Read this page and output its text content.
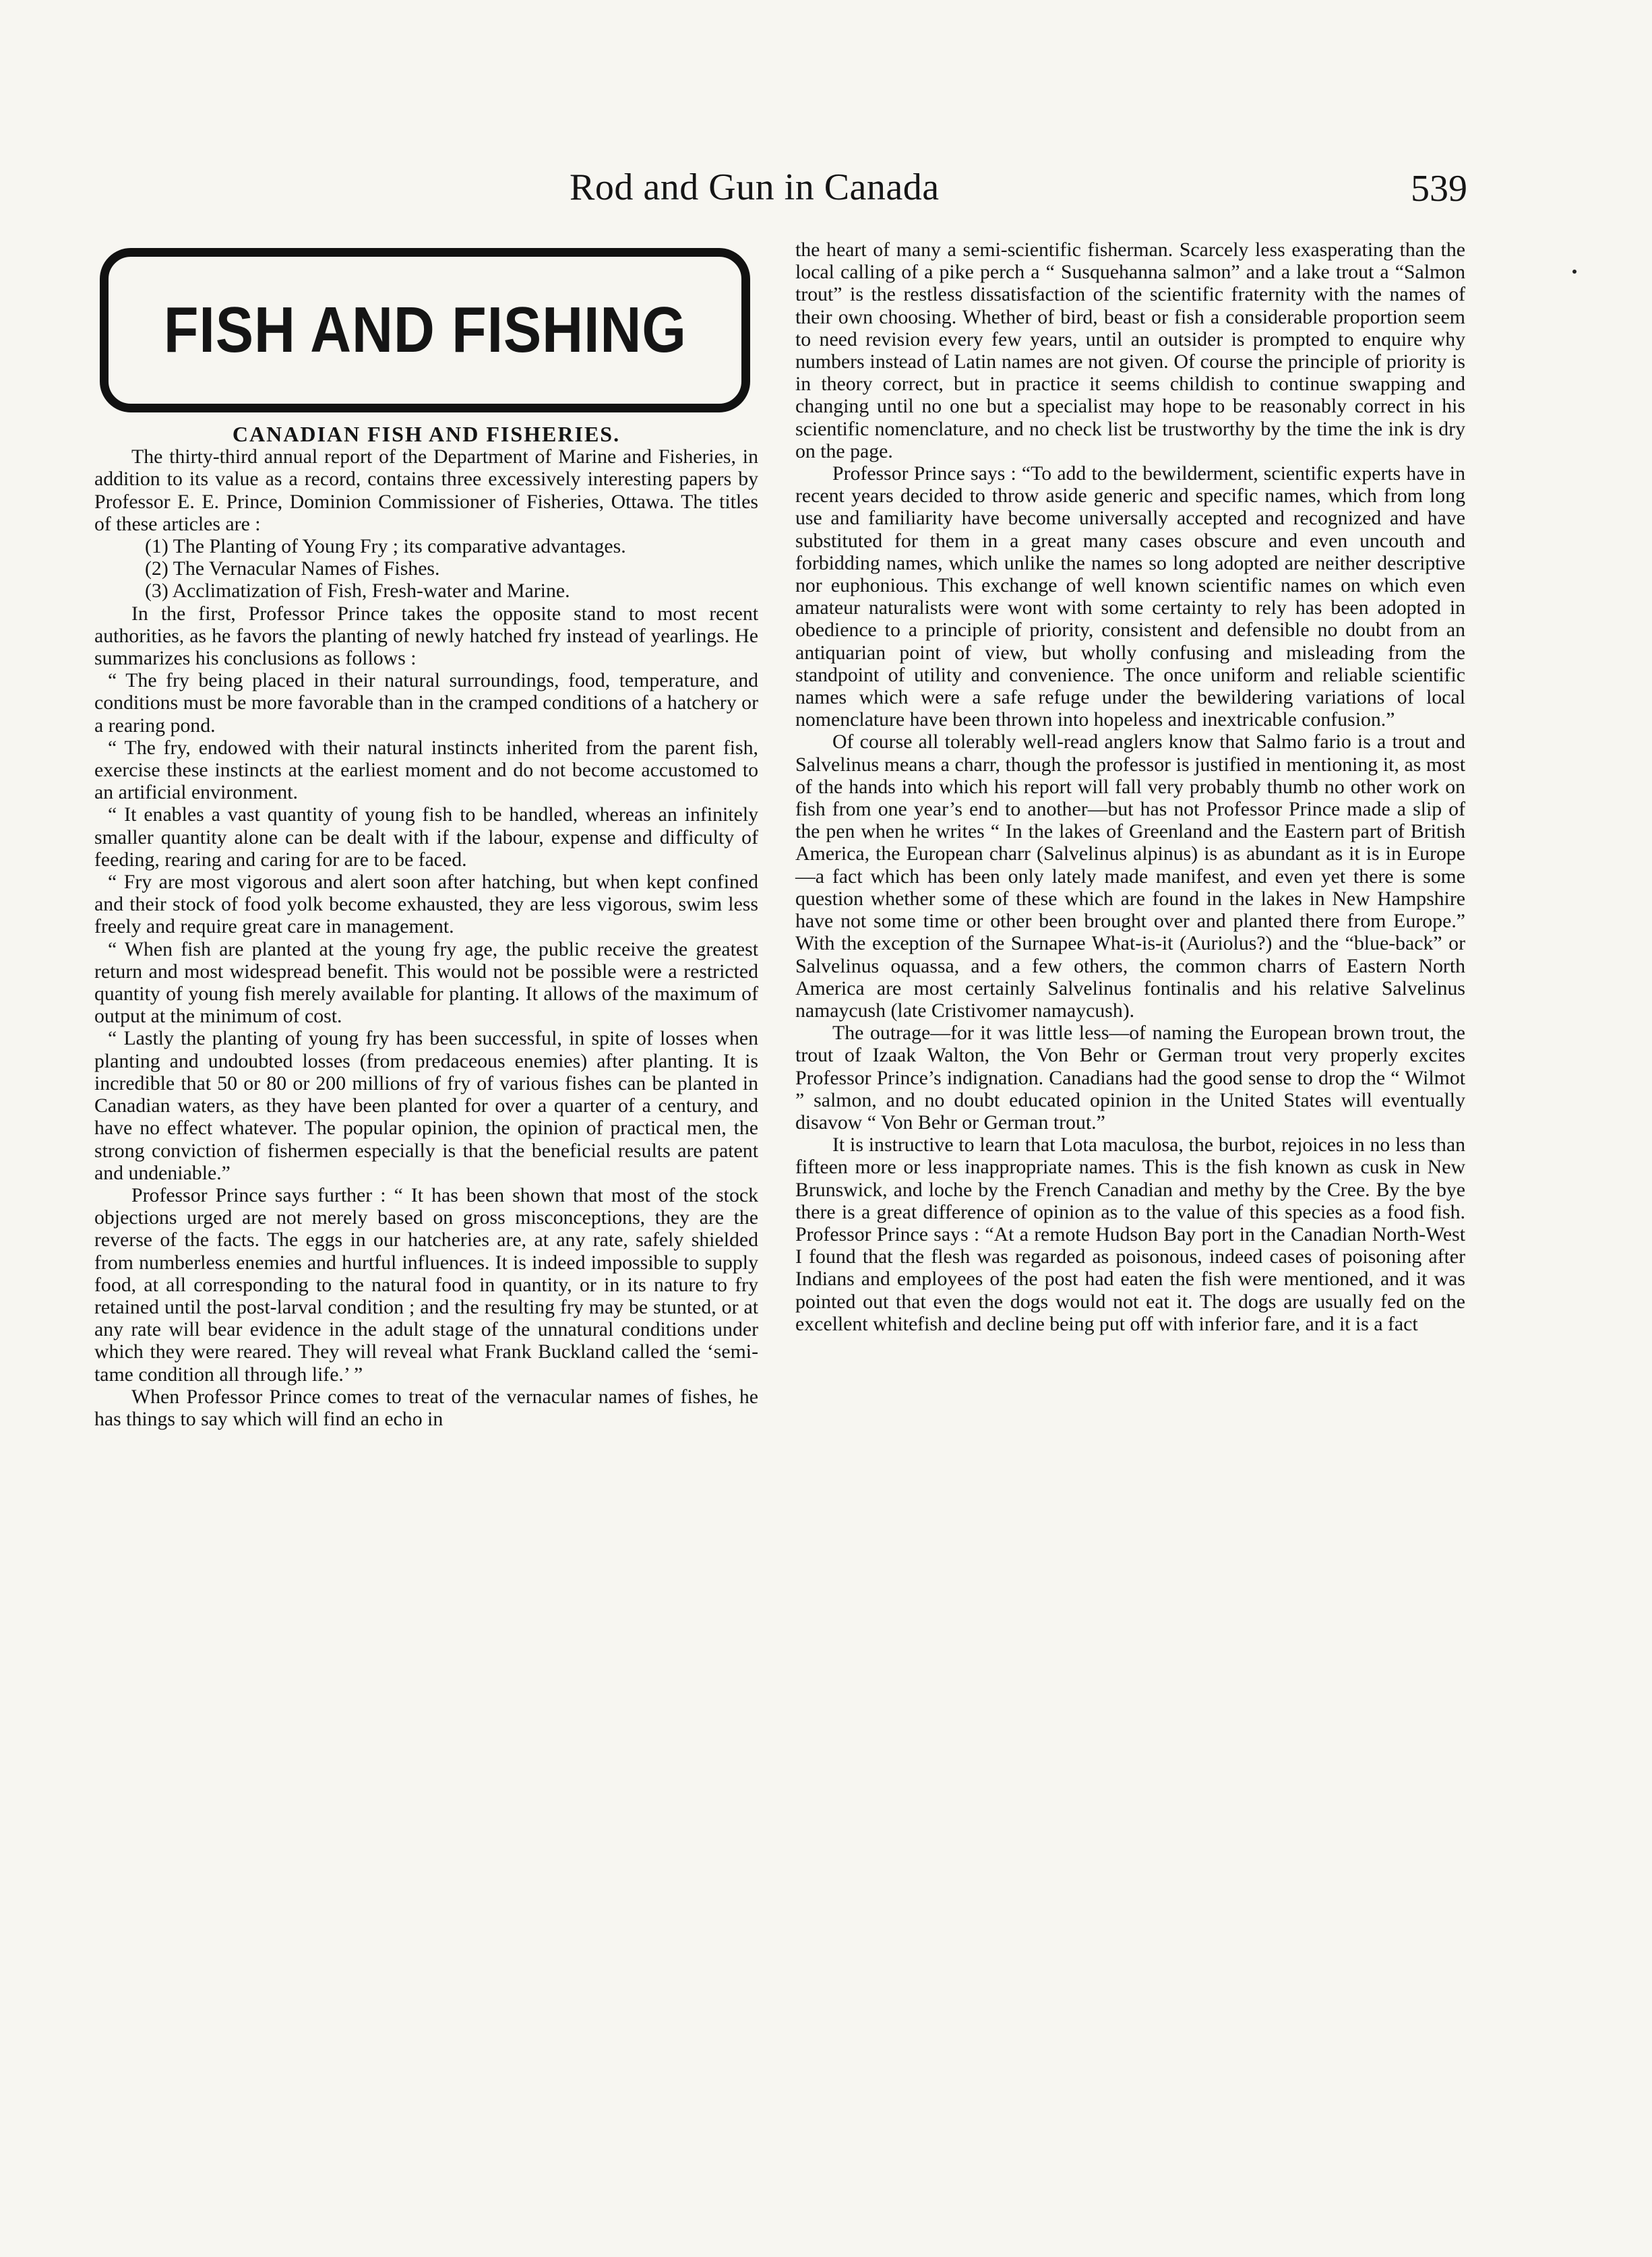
Rod and Gun in Canada	539
FISH AND FISHING

CANADIAN FISH AND FISHERIES.

The thirty-third annual report of the Department of Marine and Fisheries, in addition to its value as a record, contains three excessively interesting papers by Professor E. E. Prince, Dominion Commissioner of Fisheries, Ottawa. The titles of these articles are :

(1) The Planting of Young Fry ; its comparative advantages.
(2) The Vernacular Names of Fishes.
(3) Acclimatization of Fish, Fresh-water and Marine.

In the first, Professor Prince takes the opposite stand to most recent authorities, as he favors the planting of newly hatched fry instead of yearlings. He summarizes his conclusions as follows :

“ The fry being placed in their natural surroundings, food, temperature, and conditions must be more favorable than in the cramped conditions of a hatchery or a rearing pond.

“ The fry, endowed with their natural instincts inherited from the parent fish, exercise these instincts at the earliest moment and do not become accustomed to an artificial environment.

“ It enables a vast quantity of young fish to be handled, whereas an infinitely smaller quantity alone can be dealt with if the labour, expense and difficulty of feeding, rearing and caring for are to be faced.

“ Fry are most vigorous and alert soon after hatching, but when kept confined and their stock of food yolk become exhausted, they are less vigorous, swim less freely and require great care in management.

“ When fish are planted at the young fry age, the public receive the greatest return and most widespread benefit. This would not be possible were a restricted quantity of young fish merely available for planting. It allows of the maximum of output at the minimum of cost.

“ Lastly the planting of young fry has been successful, in spite of losses when planting and undoubted losses (from predaceous enemies) after planting. It is incredible that 50 or 80 or 200 millions of fry of various fishes can be planted in Canadian waters, as they have been planted for over a quarter of a century, and have no effect whatever. The popular opinion, the opinion of practical men, the strong conviction of fishermen especially is that the beneficial results are patent and undeniable.”

Professor Prince says further : “ It has been shown that most of the stock objections urged are not merely based on gross misconceptions, they are the reverse of the facts. The eggs in our hatcheries are, at any rate, safely shielded from numberless enemies and hurtful influences. It is indeed impossible to supply food, at all corresponding to the natural food in quantity, or in its nature to fry retained until the post-larval condition ; and the resulting fry may be stunted, or at any rate will bear evidence in the adult stage of the unnatural conditions under which they were reared. They will reveal what Frank Buckland called the ‘semi-tame condition all through life.’ ”

When Professor Prince comes to treat of the vernacular names of fishes, he has things to say which will find an echo in

the heart of many a semi-scientific fisherman. Scarcely less exasperating than the local calling of a pike perch a “ Susquehanna salmon” and a lake trout a “Salmon trout” is the restless dissatisfaction of the scientific fraternity with the names of their own choosing. Whether of bird, beast or fish a considerable proportion seem to need revision every few years, until an outsider is prompted to enquire why numbers instead of Latin names are not given. Of course the principle of priority is in theory correct, but in practice it seems childish to continue swapping and changing until no one but a specialist may hope to be reasonably correct in his scientific nomenclature, and no check list be trustworthy by the time the ink is dry on the page.

Professor Prince says : “To add to the bewilderment, scientific experts have in recent years decided to throw aside generic and specific names, which from long use and familiarity have become universally accepted and recognized and have substituted for them in a great many cases obscure and even uncouth and forbidding names, which unlike the names so long adopted are neither descriptive nor euphonious. This exchange of well known scientific names on which even amateur naturalists were wont with some certainty to rely has been adopted in obedience to a principle of priority, consistent and defensible no doubt from an antiquarian point of view, but wholly confusing and misleading from the standpoint of utility and convenience. The once uniform and reliable scientific names which were a safe refuge under the bewildering variations of local nomenclature have been thrown into hopeless and inextricable confusion.”

Of course all tolerably well-read anglers know that Salmo fario is a trout and Salvelinus means a charr, though the professor is justified in mentioning it, as most of the hands into which his report will fall very probably thumb no other work on fish from one year’s end to another—but has not Professor Prince made a slip of the pen when he writes “ In the lakes of Greenland and the Eastern part of British America, the European charr (Salvelinus alpinus) is as abundant as it is in Europe—a fact which has been only lately made manifest, and even yet there is some question whether some of these which are found in the lakes in New Hampshire have not some time or other been brought over and planted there from Europe.” With the exception of the Surnapee What-is-it (Auriolus?) and the “blue-back” or Salvelinus oquassa, and a few others, the common charrs of Eastern North America are most certainly Salvelinus fontinalis and his relative Salvelinus namaycush (late Cristivomer namaycush).

The outrage—for it was little less—of naming the European brown trout, the trout of Izaak Walton, the Von Behr or German trout very properly excites Professor Prince’s indignation. Canadians had the good sense to drop the “ Wilmot ” salmon, and no doubt educated opinion in the United States will eventually disavow “ Von Behr or German trout.”

It is instructive to learn that Lota maculosa, the burbot, rejoices in no less than fifteen more or less inappropriate names. This is the fish known as cusk in New Brunswick, and loche by the French Canadian and methy by the Cree. By the bye there is a great difference of opinion as to the value of this species as a food fish. Professor Prince says : “At a remote Hudson Bay port in the Canadian North-West I found that the flesh was regarded as poisonous, indeed cases of poisoning after Indians and employees of the post had eaten the fish were mentioned, and it was pointed out that even the dogs would not eat it. The dogs are usually fed on the excellent whitefish and decline being put off with inferior fare, and it is a fact
